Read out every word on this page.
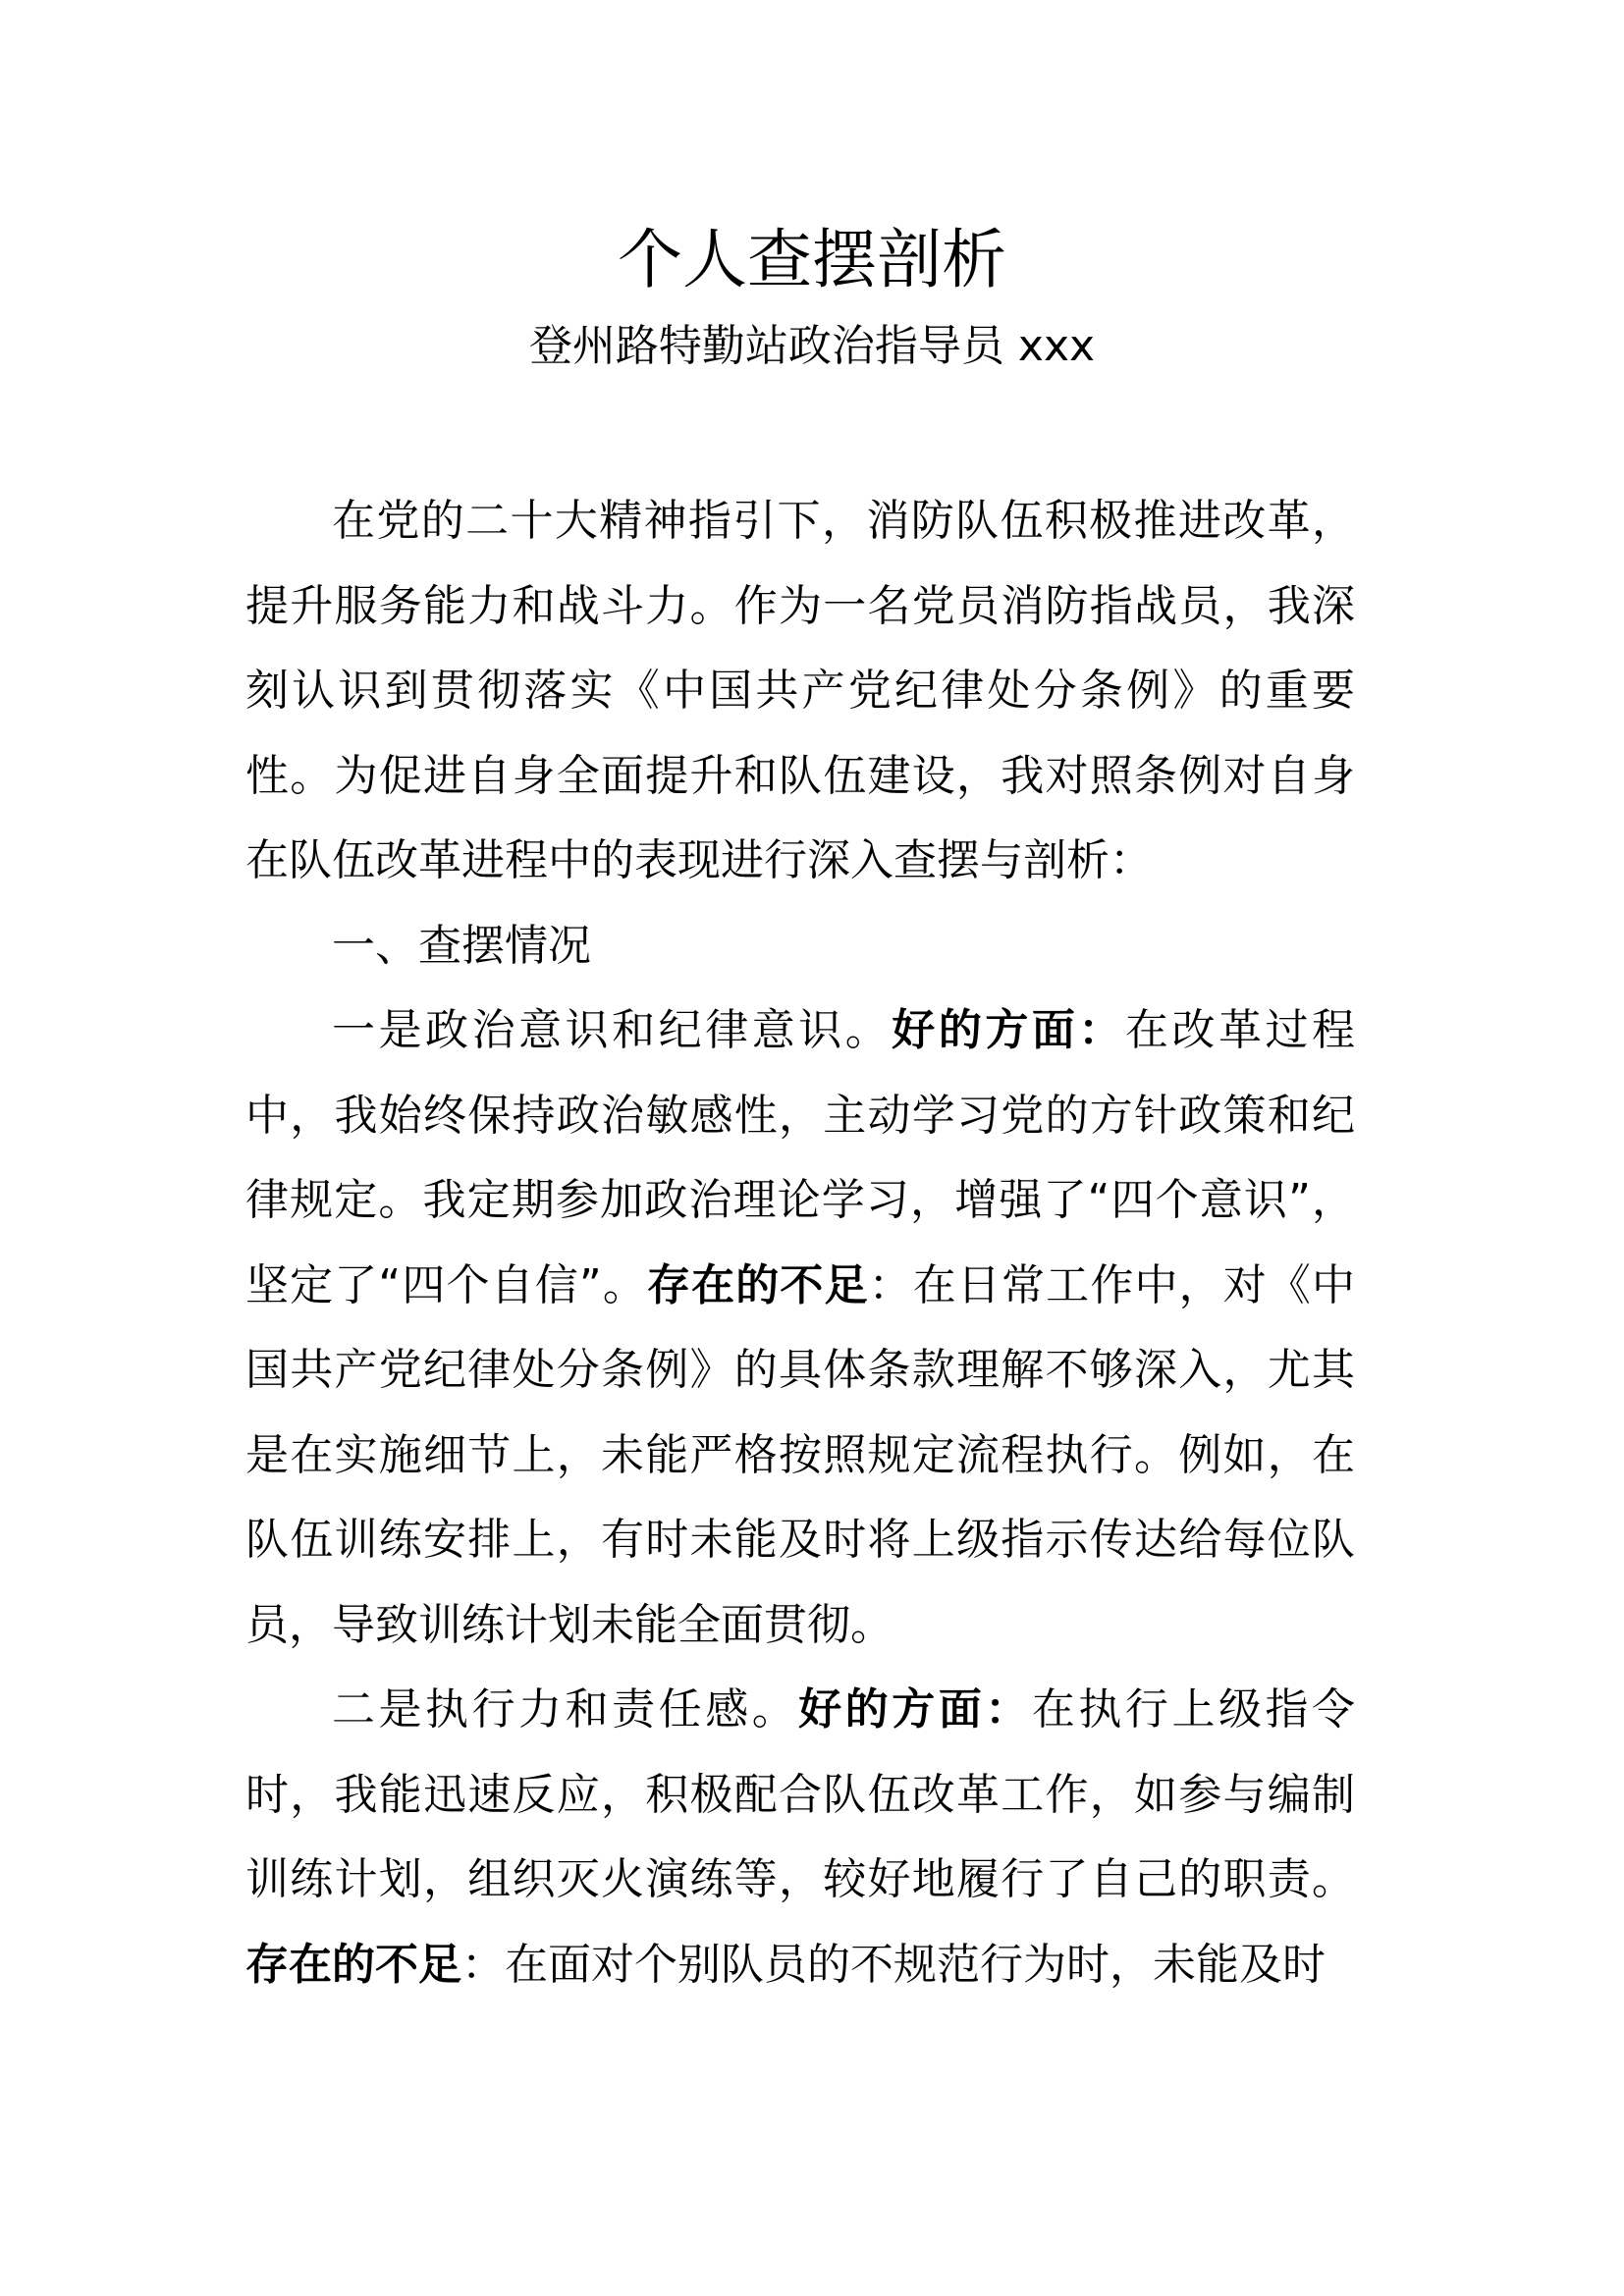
个人查摆剖析
登州路特勤站政治指导员 xxx

在党的二十大精神指引下，消防队伍积极推进改革，提升服务能力和战斗力。作为一名党员消防指战员，我深刻认识到贯彻落实《中国共产党纪律处分条例》的重要性。为促进自身全面提升和队伍建设，我对照条例对自身在队伍改革进程中的表现进行深入查摆与剖析：

一、查摆情况

一是政治意识和纪律意识。好的方面：在改革过程中，我始终保持政治敏感性，主动学习党的方针政策和纪律规定。我定期参加政治理论学习，增强了“四个意识”，坚定了“四个自信”。存在的不足：在日常工作中，对《中国共产党纪律处分条例》的具体条款理解不够深入，尤其是在实施细节上，未能严格按照规定流程执行。例如，在队伍训练安排上，有时未能及时将上级指示传达给每位队员，导致训练计划未能全面贯彻。

二是执行力和责任感。好的方面：在执行上级指令时，我能迅速反应，积极配合队伍改革工作，如参与编制训练计划，组织灭火演练等，较好地履行了自己的职责。存在的不足：在面对个别队员的不规范行为时，未能及时
